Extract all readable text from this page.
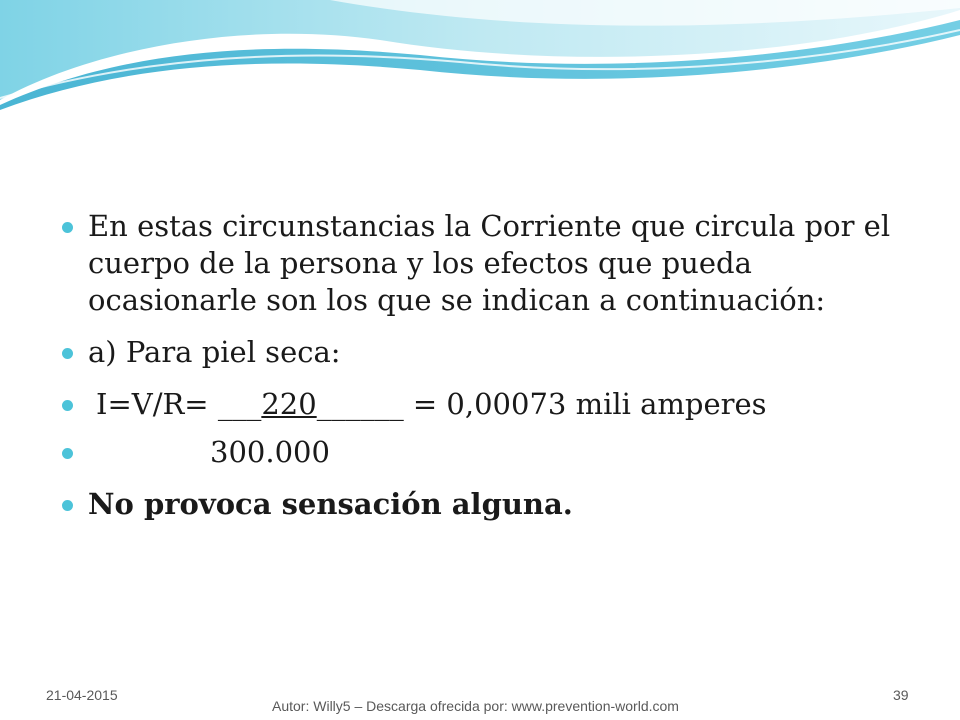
En estas circunstancias la Corriente que circula por el cuerpo de la persona y los efectos que pueda ocasionarle son los que se indican a continuación:
a) Para piel seca:
I=V/R= ___220______ = 0,00073 mili amperes
300.000
No provoca sensación alguna.
21-04-2015
Autor: Willy5 – Descarga ofrecida por: www.prevention-world.com
39
